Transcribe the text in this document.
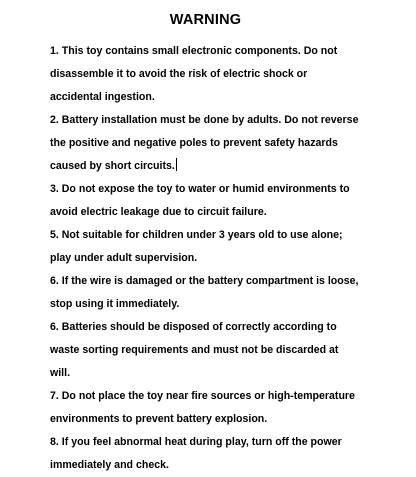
WARNING

1. This toy contains small electronic components. Do not disassemble it to avoid the risk of electric shock or accidental ingestion.

2. Battery installation must be done by adults. Do not reverse the positive and negative poles to prevent safety hazards caused by short circuits.

3. Do not expose the toy to water or humid environments to avoid electric leakage due to circuit failure.

5. Not suitable for children under 3 years old to use alone; play under adult supervision.

6. If the wire is damaged or the battery compartment is loose, stop using it immediately.

6. Batteries should be disposed of correctly according to waste sorting requirements and must not be discarded at will.

7. Do not place the toy near fire sources or high-temperature environments to prevent battery explosion.

8. If you feel abnormal heat during play, turn off the power immediately and check.
